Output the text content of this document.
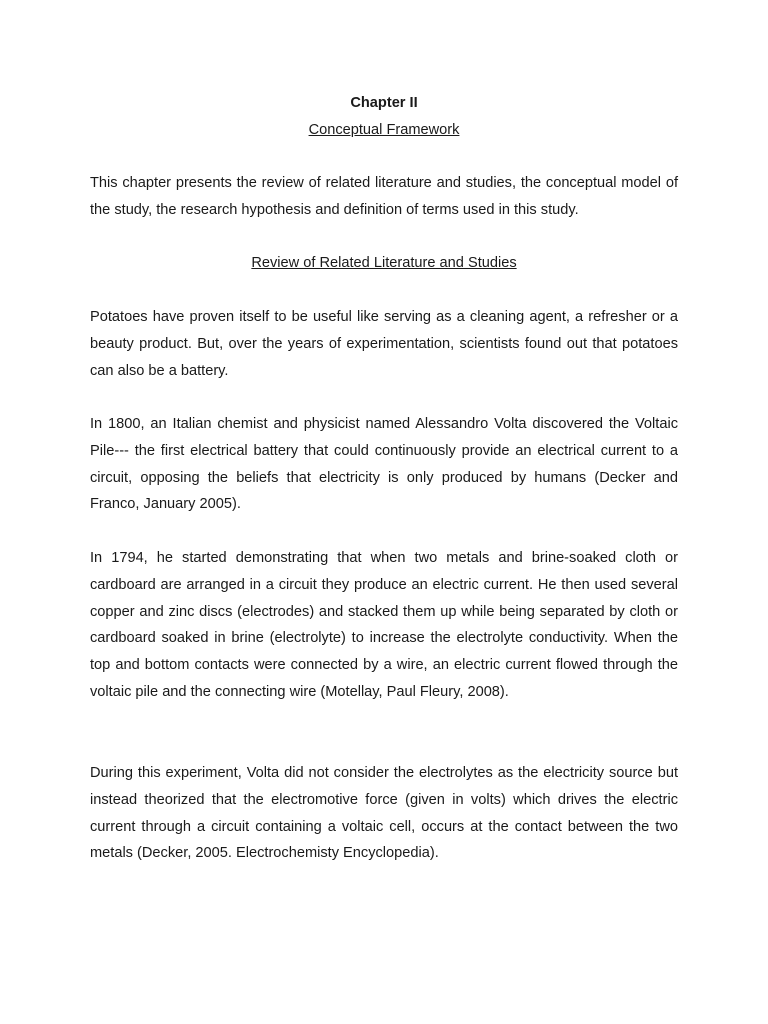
Chapter II
Conceptual Framework

This chapter presents the review of related literature and studies, the conceptual model of the study, the research hypothesis and definition of terms used in this study.

Review of Related Literature and Studies

Potatoes have proven itself to be useful like serving as a cleaning agent, a refresher or a beauty product. But, over the years of experimentation, scientists found out that potatoes can also be a battery.

In 1800, an Italian chemist and physicist named Alessandro Volta discovered the Voltaic Pile--- the first electrical battery that could continuously provide an electrical current to a circuit, opposing the beliefs that electricity is only produced by humans (Decker and Franco, January 2005).

In 1794, he started demonstrating that when two metals and brine-soaked cloth or cardboard are arranged in a circuit they produce an electric current. He then used several copper and zinc discs (electrodes) and stacked them up while being separated by cloth or cardboard soaked in brine (electrolyte) to increase the electrolyte conductivity. When the top and bottom contacts were connected by a wire, an electric current flowed through the voltaic pile and the connecting wire (Motellay, Paul Fleury, 2008).

During this experiment, Volta did not consider the electrolytes as the electricity source but instead theorized that the electromotive force (given in volts) which drives the electric current through a circuit containing a voltaic cell, occurs at the contact between the two metals (Decker, 2005. Electrochemisty Encyclopedia).
